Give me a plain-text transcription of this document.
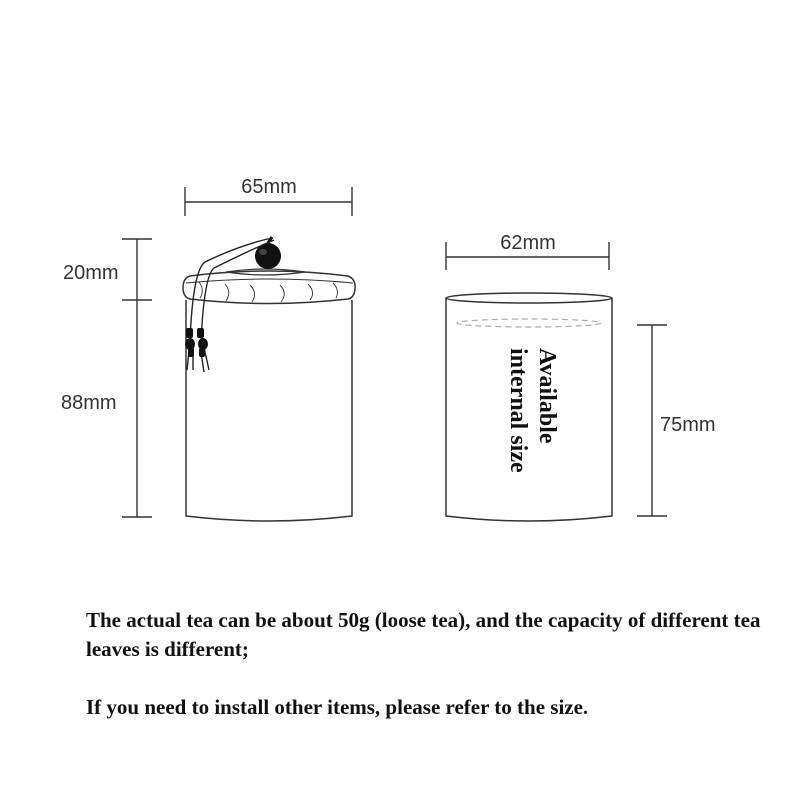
65mm
20mm
88mm
62mm
Available
internal size	75mm

The actual tea can be about 50g (loose tea), and the capacity of different tea leaves is different;

If you need to install other items, please refer to the size.
